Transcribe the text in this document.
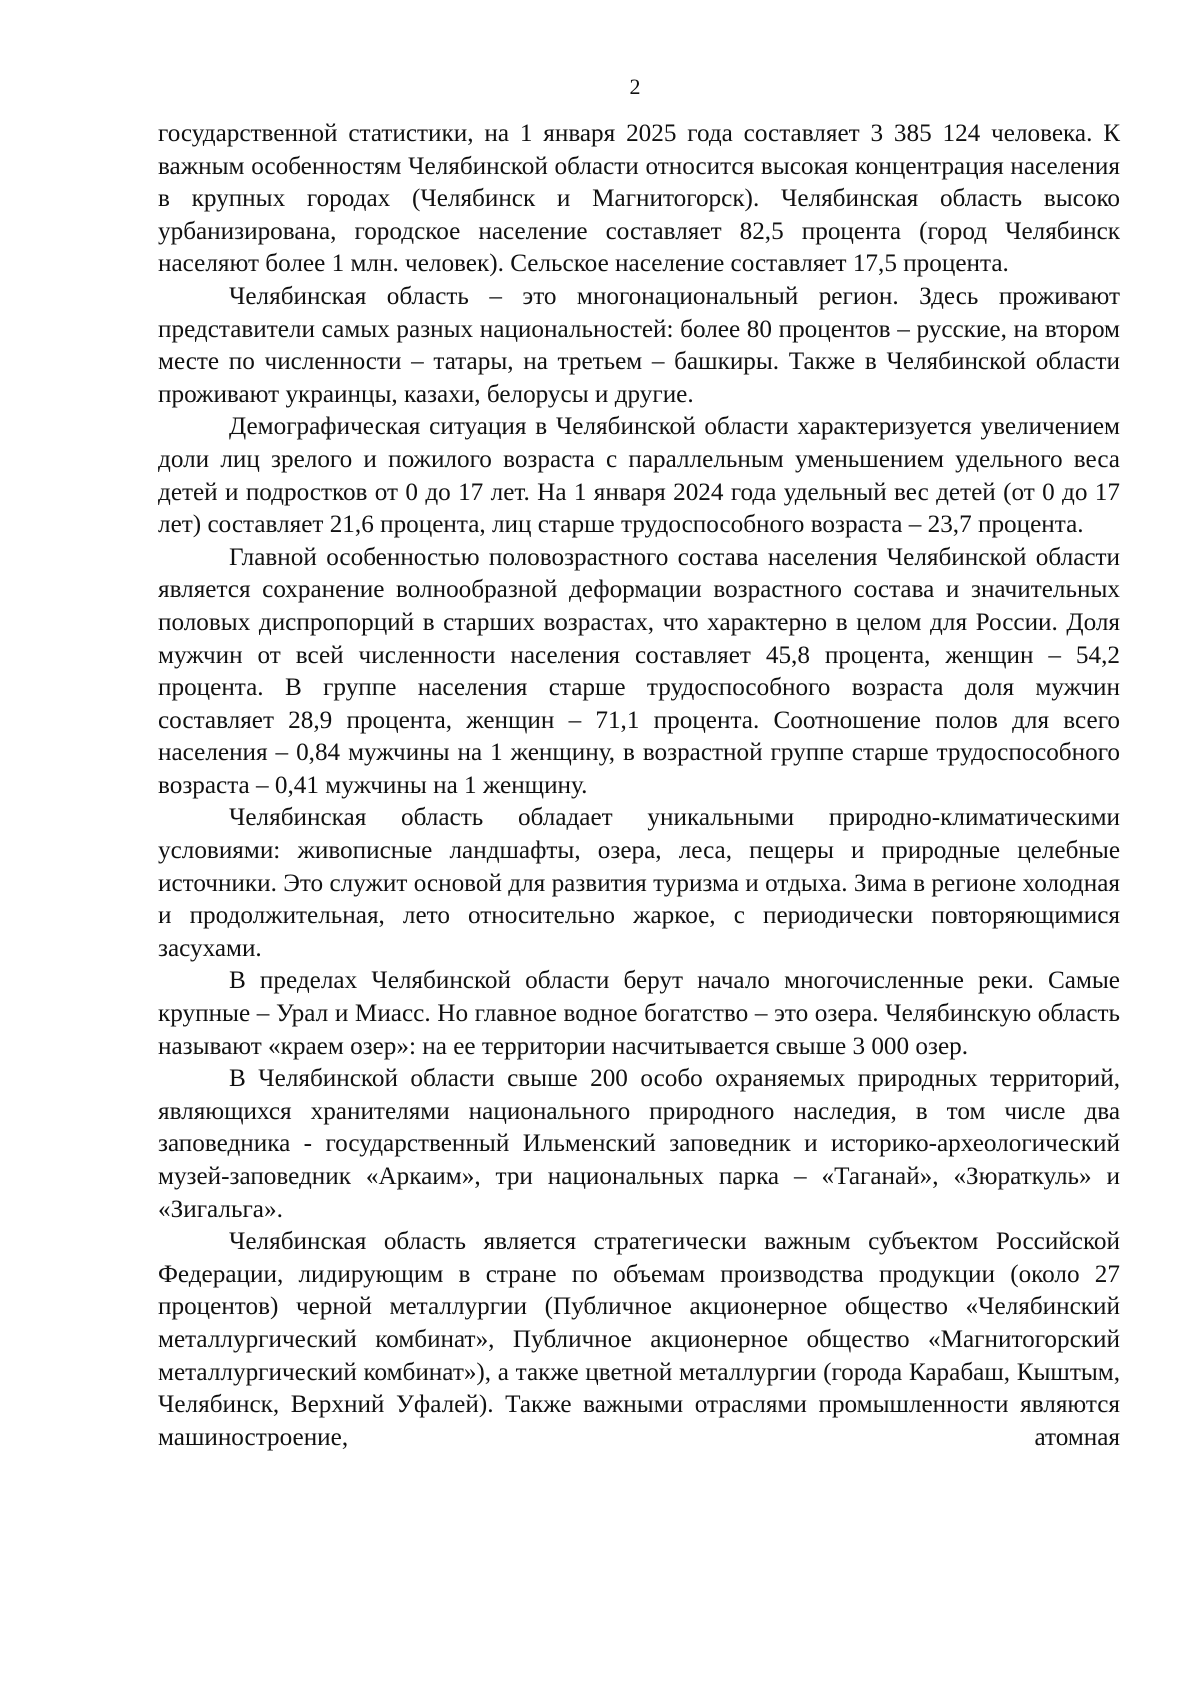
2

государственной статистики, на 1 января 2025 года составляет 3 385 124 человека. К важным особенностям Челябинской области относится высокая концентрация населения в крупных городах (Челябинск и Магнитогорск). Челябинская область высоко урбанизирована, городское население составляет 82,5 процента (город Челябинск населяют более 1 млн. человек). Сельское население составляет 17,5 процента.

Челябинская область – это многонациональный регион. Здесь проживают представители самых разных национальностей: более 80 процентов – русские, на втором месте по численности – татары, на третьем – башкиры. Также в Челябинской области проживают украинцы, казахи, белорусы и другие.

Демографическая ситуация в Челябинской области характеризуется увеличением доли лиц зрелого и пожилого возраста с параллельным уменьшением удельного веса детей и подростков от 0 до 17 лет. На 1 января 2024 года удельный вес детей (от 0 до 17 лет) составляет 21,6 процента, лиц старше трудоспособного возраста – 23,7 процента.

Главной особенностью половозрастного состава населения Челябинской области является сохранение волнообразной деформации возрастного состава и значительных половых диспропорций в старших возрастах, что характерно в целом для России. Доля мужчин от всей численности населения составляет 45,8 процента, женщин – 54,2 процента. В группе населения старше трудоспособного возраста доля мужчин составляет 28,9 процента, женщин – 71,1 процента. Соотношение полов для всего населения – 0,84 мужчины на 1 женщину, в возрастной группе старше трудоспособного возраста – 0,41 мужчины на 1 женщину.

Челябинская область обладает уникальными природно-климатическими условиями: живописные ландшафты, озера, леса, пещеры и природные целебные источники. Это служит основой для развития туризма и отдыха. Зима в регионе холодная и продолжительная, лето относительно жаркое, с периодически повторяющимися засухами.

В пределах Челябинской области берут начало многочисленные реки. Самые крупные – Урал и Миасс. Но главное водное богатство – это озера. Челябинскую область называют «краем озер»: на ее территории насчитывается свыше 3 000 озер.

В Челябинской области свыше 200 особо охраняемых природных территорий, являющихся хранителями национального природного наследия, в том числе два заповедника - государственный Ильменский заповедник и историко-археологический музей-заповедник «Аркаим», три национальных парка – «Таганай», «Зюраткуль» и «Зигальга».

Челябинская область является стратегически важным субъектом Российской Федерации, лидирующим в стране по объемам производства продукции (около 27 процентов) черной металлургии (Публичное акционерное общество «Челябинский металлургический комбинат», Публичное акционерное общество «Магнитогорский металлургический комбинат»), а также цветной металлургии (города Карабаш, Кыштым, Челябинск, Верхний Уфалей). Также важными отраслями промышленности являются машиностроение, атомная
